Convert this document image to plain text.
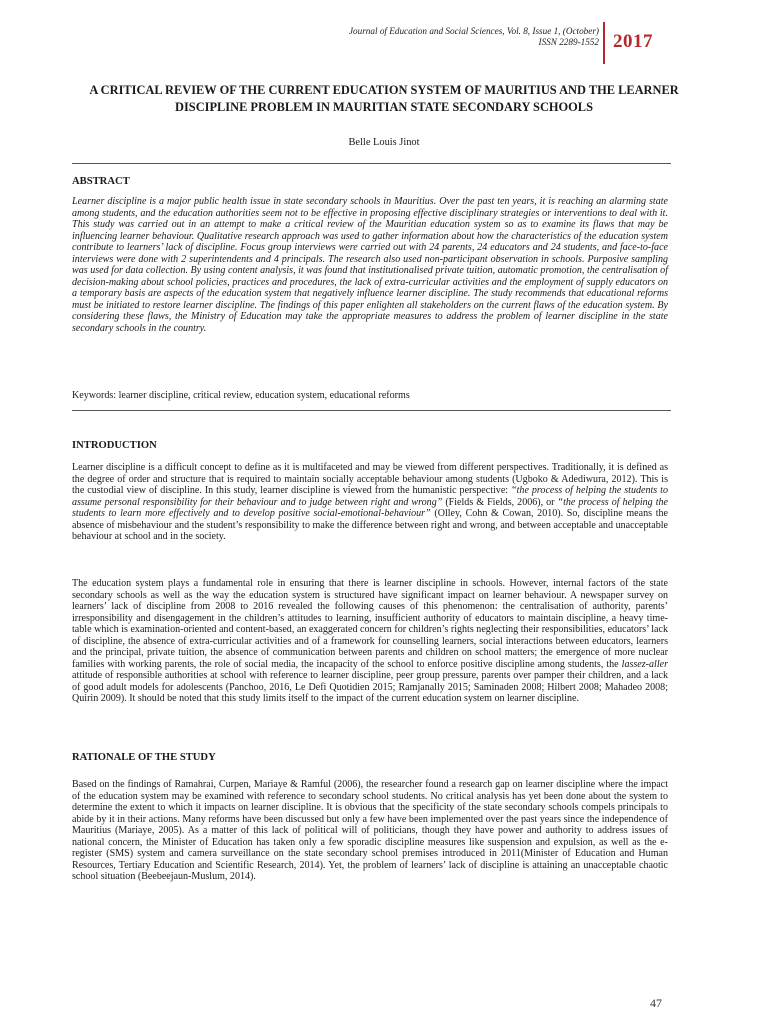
Journal of Education and Social Sciences, Vol. 8, Issue 1, (October)
ISSN 2289-1552 2017
A CRITICAL REVIEW OF THE CURRENT EDUCATION SYSTEM OF MAURITIUS AND THE LEARNER DISCIPLINE PROBLEM IN MAURITIAN STATE SECONDARY SCHOOLS
Belle Louis Jinot
ABSTRACT

Learner discipline is a major public health issue in state secondary schools in Mauritius. Over the past ten years, it is reaching an alarming state among students, and the education authorities seem not to be effective in proposing effective disciplinary strategies or interventions to deal with it. This study was carried out in an attempt to make a critical review of the Mauritian education system so as to examine its flaws that may be influencing learner behaviour. Qualitative research approach was used to gather information about how the characteristics of the education system contribute to learners’ lack of discipline. Focus group interviews were carried out with 24 parents, 24 educators and 24 students, and face-to-face interviews were done with 2 superintendents and 4 principals. The research also used non-participant observation in schools. Purposive sampling was used for data collection. By using content analysis, it was found that institutionalised private tuition, automatic promotion, the centralisation of decision-making about school policies, practices and procedures, the lack of extra-curricular activities and the employment of supply educators on a temporary basis are aspects of the education system that negatively influence learner discipline. The study recommends that educational reforms must be initiated to restore learner discipline. The findings of this paper enlighten all stakeholders on the current flaws of the education system. By considering these flaws, the Ministry of Education may take the appropriate measures to address the problem of learner discipline in the state secondary schools in the country.

Keywords: learner discipline, critical review, education system, educational reforms

INTRODUCTION

Learner discipline is a difficult concept to define as it is multifaceted and may be viewed from different perspectives. Traditionally, it is defined as the degree of order and structure that is required to maintain socially acceptable behaviour among students (Ugboko & Adediwura, 2012). This is the custodial view of discipline. In this study, learner discipline is viewed from the humanistic perspective: “the process of helping the students to assume personal responsibility for their behaviour and to judge between right and wrong” (Fields & Fields, 2006), or “the process of helping the students to learn more effectively and to develop positive social-emotional-behaviour” (Olley, Cohn & Cowan, 2010). So, discipline means the absence of misbehaviour and the student’s responsibility to make the difference between right and wrong, and between acceptable and unacceptable behaviour at school and in the society.

The education system plays a fundamental role in ensuring that there is learner discipline in schools. However, internal factors of the state secondary schools as well as the way the education system is structured have significant impact on learner behaviour. A newspaper survey on learners’ lack of discipline from 2008 to 2016 revealed the following causes of this phenomenon: the centralisation of authority, parents’ irresponsibility and disengagement in the children’s attitudes to learning, insufficient authority of educators to maintain discipline, a heavy time-table which is examination-oriented and content-based, an exaggerated concern for children’s rights neglecting their responsibilities, educators’ lack of discipline, the absence of extra-curricular activities and of a framework for counselling learners, social interactions between educators, learners and the principal, private tuition, the absence of communication between parents and children on school matters; the emergence of more nuclear families with working parents, the role of social media, the incapacity of the school to enforce positive discipline among students, the lassez-aller attitude of responsible authorities at school with reference to learner discipline, peer group pressure, parents over pamper their children, and a lack of good adult models for adolescents (Panchoo, 2016, Le Defi Quotidien 2015; Ramjanally 2015; Saminaden 2008; Hilbert 2008; Mahadeo 2008; Quirin 2009). It should be noted that this study limits itself to the impact of the current education system on learner discipline.

RATIONALE OF THE STUDY

Based on the findings of Ramahrai, Curpen, Mariaye & Ramful (2006), the researcher found a research gap on learner discipline where the impact of the education system may be examined with reference to secondary school students. No critical analysis has yet been done about the system to determine the extent to which it impacts on learner discipline. It is obvious that the specificity of the state secondary schools compels principals to abide by it in their actions. Many reforms have been discussed but only a few have been implemented over the past years since the independence of Mauritius (Mariaye, 2005). As a matter of this lack of political will of politicians, though they have power and authority to address issues of national concern, the Minister of Education has taken only a few sporadic discipline measures like suspension and expulsion, as well as the e-register (SMS) system and camera surveillance on the state secondary school premises introduced in 2011(Minister of Education and Human Resources, Tertiary Education and Scientific Research, 2014). Yet, the problem of learners’ lack of discipline is attaining an unacceptable chaotic school situation (Beebeejaun-Muslum, 2014).

47
